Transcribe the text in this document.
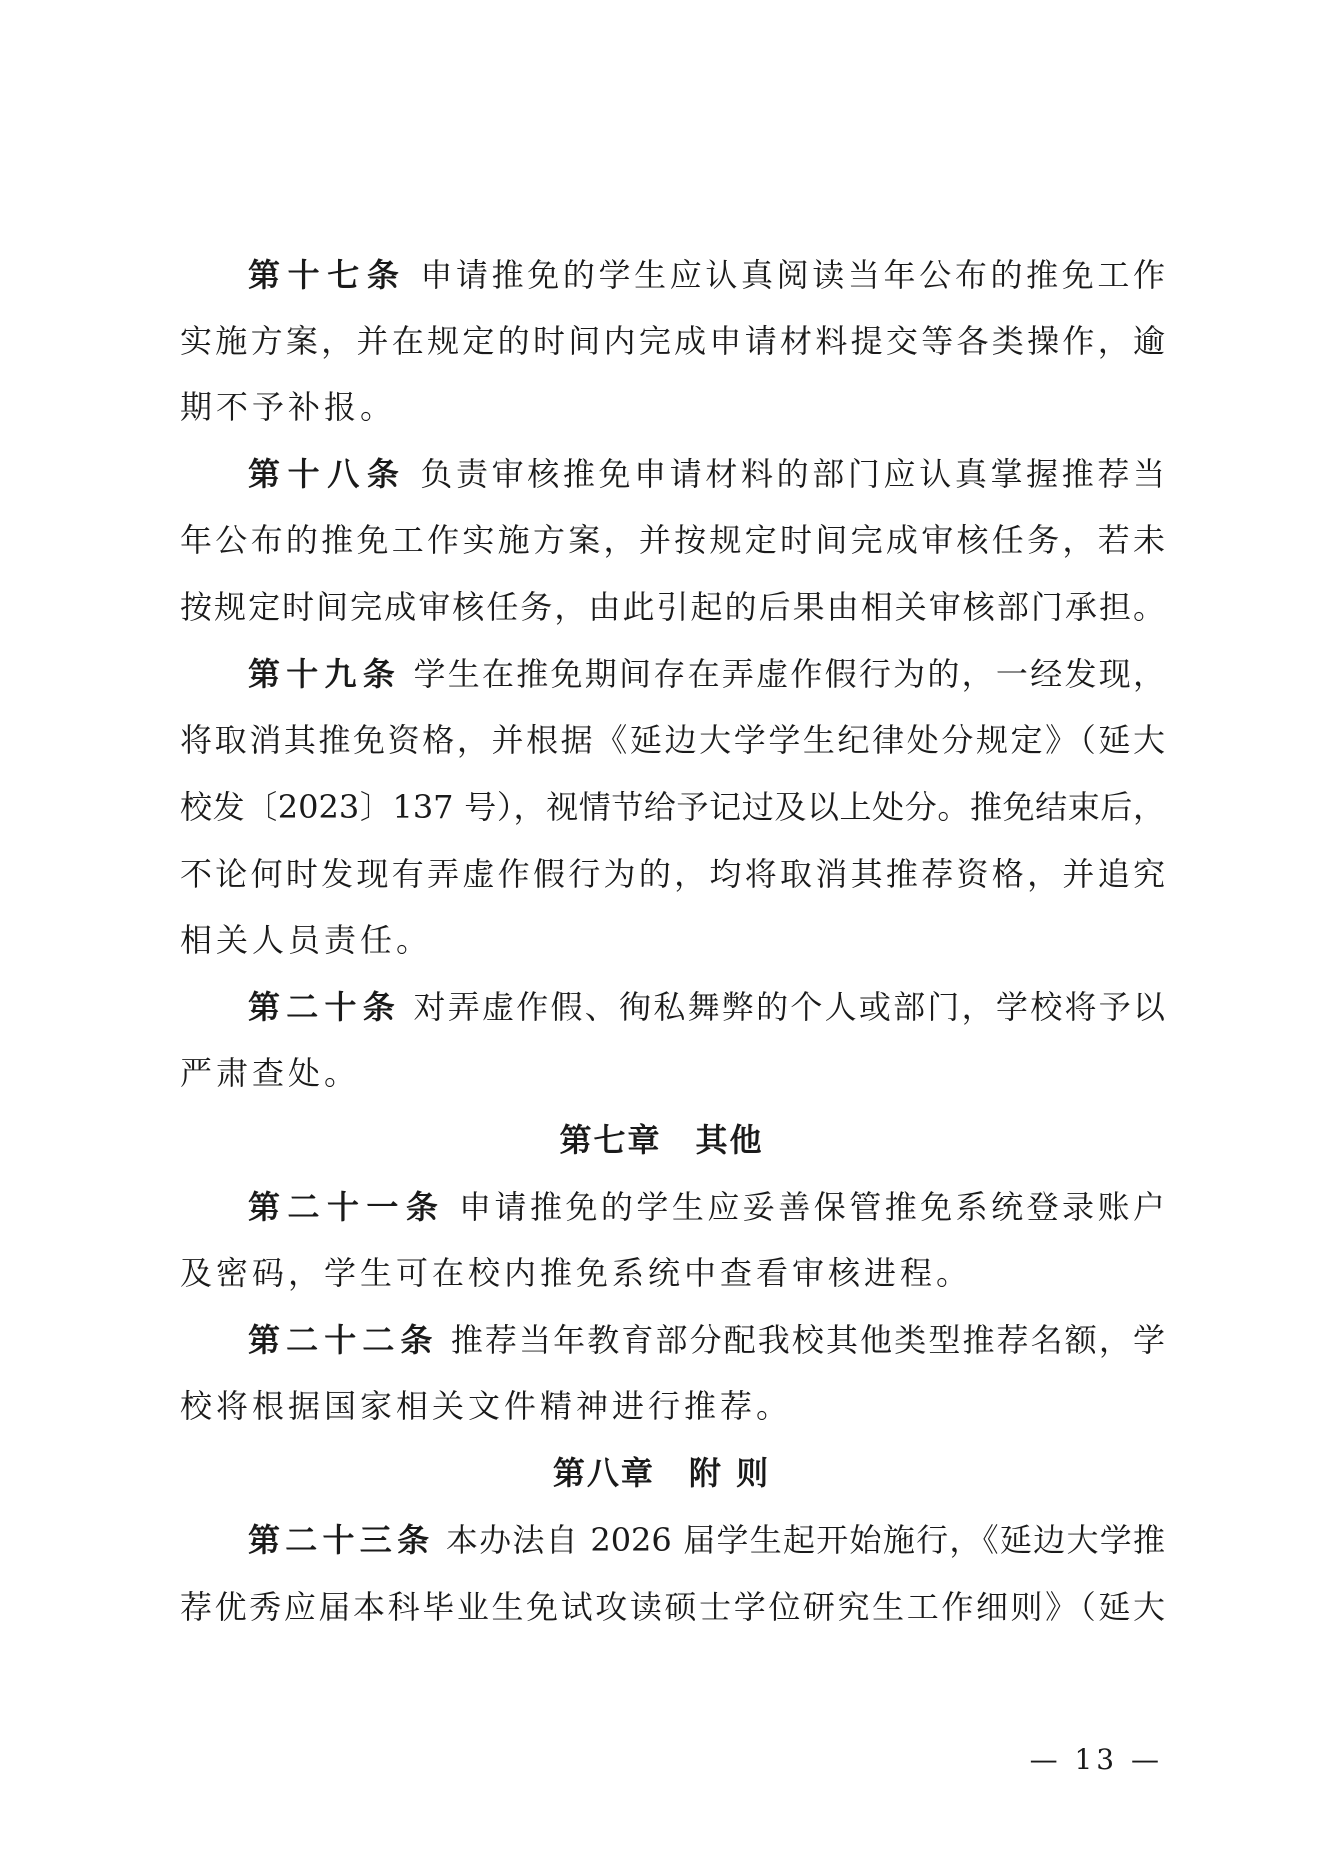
第十七条 申请推免的学生应认真阅读当年公布的推免工作
实施方案，并在规定的时间内完成申请材料提交等各类操作，逾
期不予补报。
第十八条 负责审核推免申请材料的部门应认真掌握推荐当
年公布的推免工作实施方案，并按规定时间完成审核任务，若未
按规定时间完成审核任务，由此引起的后果由相关审核部门承担。
第十九条 学生在推免期间存在弄虚作假行为的，一经发现，
将取消其推免资格，并根据《延边大学学生纪律处分规定》（延大
校发〔2023〕137 号），视情节给予记过及以上处分。推免结束后，
不论何时发现有弄虚作假行为的，均将取消其推荐资格，并追究
相关人员责任。
第二十条 对弄虚作假、徇私舞弊的个人或部门，学校将予以
严肃查处。
第七章　其他
第二十一条 申请推免的学生应妥善保管推免系统登录账户
及密码，学生可在校内推免系统中查看审核进程。
第二十二条 推荐当年教育部分配我校其他类型推荐名额，学
校将根据国家相关文件精神进行推荐。
第八章　附 则
第二十三条 本办法自 2026 届学生起开始施行，《延边大学推
荐优秀应届本科毕业生免试攻读硕士学位研究生工作细则》（延大
— 13 —
